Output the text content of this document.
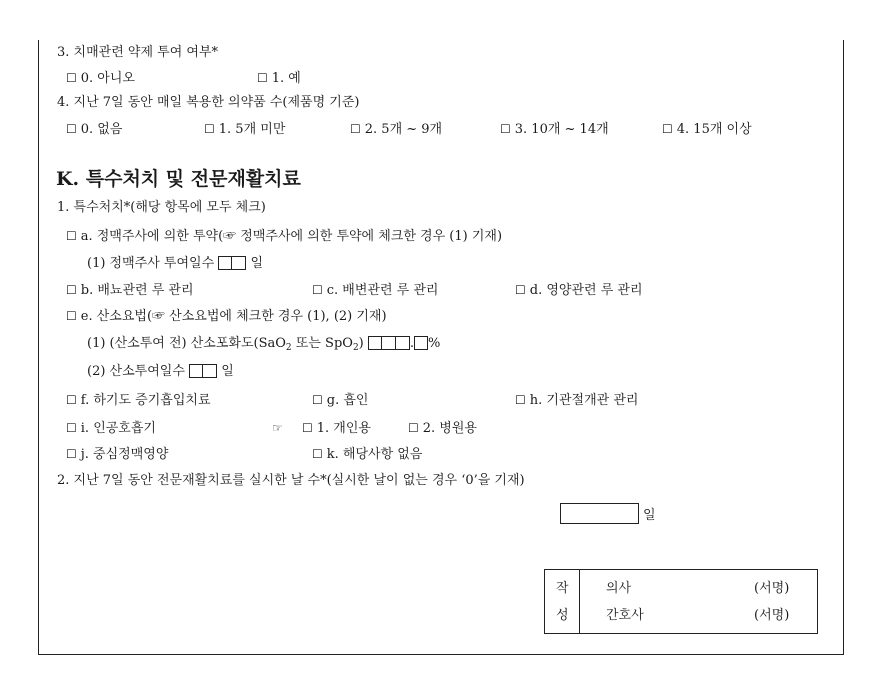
3. 치매관련 약제 투여 여부*
☐ 0. 아니오	☐ 1. 예
4. 지난 7일 동안 매일 복용한 의약품 수(제품명 기준)
☐ 0. 없음	☐ 1. 5개 미만	☐ 2. 5개 ~ 9개	☐ 3. 10개 ~ 14개	☐ 4. 15개 이상
K. 특수처치 및 전문재활치료
1. 특수처치*(해당 항목에 모두 체크)
☐ a. 정맥주사에 의한 투약(☞ 정맥주사에 의한 투약에 체크한 경우 (1) 기재)
(1) 정맥주사 투여일수	일
☐ b. 배뇨관련 루 관리	☐ c. 배변관련 루 관리	☐ d. 영양관련 루 관리
☐ e. 산소요법(☞ 산소요법에 체크한 경우 (1), (2) 기재)
(1) (산소투여 전) 산소포화도(SaO$_2$ 또는 SpO$_2$)	. %
(2) 산소투여일수	일
☐ f. 하기도 증기흡입치료	☐ g. 흡인	☐ h. 기관절개관 관리
☐ i. 인공호흡기	☞ ☐ 1. 개인용	☐ 2. 병원용
☐ j. 중심정맥영양	☐ k. 해당사항 없음
2. 지난 7일 동안 전문재활치료를 실시한 날 수*(실시한 날이 없는 경우 ‘0’을 기재)
일
작
성
의사	(서명)
간호사	(서명)
